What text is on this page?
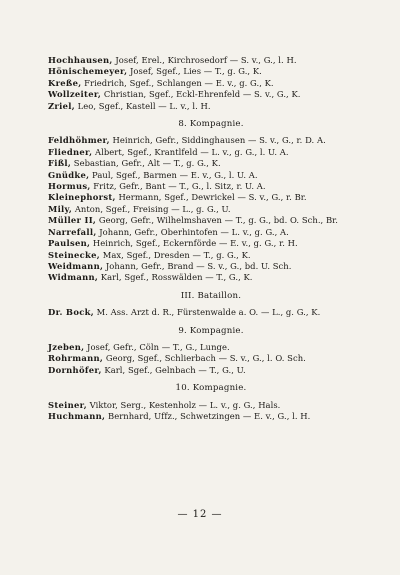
Hochhausen, Josef, Erel., Kirchrosedorf — S. v., G., l. H.
Hönischemeyer, Josef, Sgef., Lies — T., g. G., K.
Kreße, Friedrich, Sgef., Schlangen — E. v., g. G., K.
Wollzeiter, Christian, Sgef., Eckl-Ehrenfeld — S. v., G., K.
Zriel, Leo, Sgef., Kastell — L. v., l. H.
8. Kompagnie.
Feldhöhmer, Heinrich, Gefr., Siddinghausen — S. v., G., r. D. A.
Fliedner, Albert, Sgef., Krantlfeld — L. v., g. G., l. U. A.
Fißl, Sebastian, Gefr., Alt — T., g. G., K.
Gnüdke, Paul, Sgef., Barmen — E. v., G., l. U. A.
Hormus, Fritz, Gefr., Bant — T., G., l. Sitz, r. U. A.
Kleinephorst, Hermann, Sgef., Dewrickel — S. v., G., r. Br.
Mily, Anton, Sgef., Freising — L., g. G., U.
Müller II, Georg, Gefr., Wilhelmshaven — T., g. G., bd. O. Sch., Br.
Narrefall, Johann, Gefr., Oberhintofen — L. v., g. G., A.
Paulsen, Heinrich, Sgef., Eckernförde — E. v., g. G., r. H.
Steinecke, Max, Sgef., Dresden — T., g. G., K.
Weidmann, Johann, Gefr., Brand — S. v., G., bd. U. Sch.
Widmann, Karl, Sgef., Rosswälden — T., G., K.
III. Bataillon.
Dr. Bock, M. Ass. Arzt d. R., Fürstenwalde a. O. — L., g. G., K.
9. Kompagnie.
Jzeben, Josef, Gefr., Cöln — T., G., Lunge.
Rohrmann, Georg, Sgef., Schlierbach — S. v., G., l. O. Sch.
Dornhöfer, Karl, Sgef., Gelnbach — T., G., U.
10. Kompagnie.
Steiner, Viktor, Serg., Kestenholz — L. v., g. G., Hals.
Huchmann, Bernhard, Uffz., Schwetzingen — E. v., G., l. H.
— 12 —
